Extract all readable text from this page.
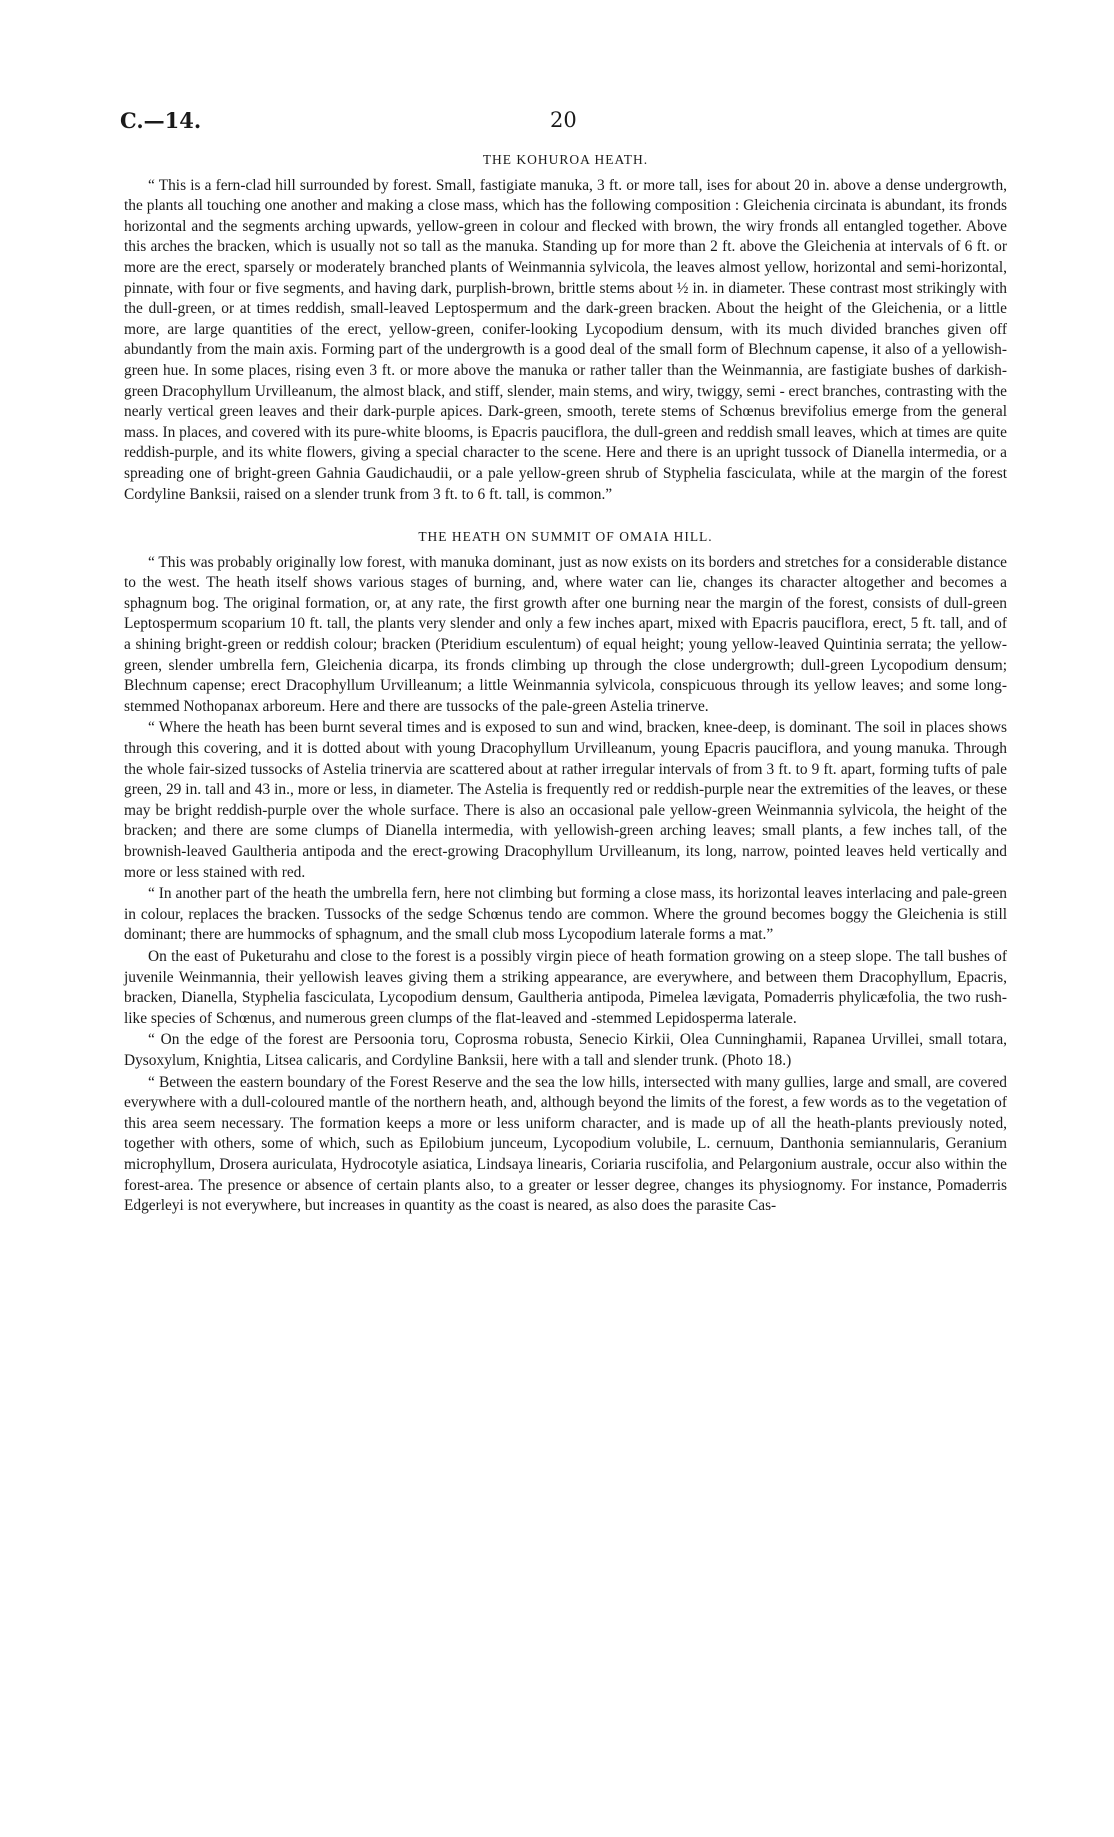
C.—14.	20
THE KOHUROA HEATH.

“ This is a fern-clad hill surrounded by forest. Small, fastigiate manuka, 3 ft. or more tall, ises for about 20 in. above a dense undergrowth, the plants all touching one another and making a close mass, which has the following composition : Gleichenia circinata is abundant, its fronds horizontal and the segments arching upwards, yellow-green in colour and flecked with brown, the wiry fronds all entangled together. Above this arches the bracken, which is usually not so tall as the manuka. Standing up for more than 2 ft. above the Gleichenia at intervals of 6 ft. or more are the erect, sparsely or moderately branched plants of Weinmannia sylvicola, the leaves almost yellow, horizontal and semi-horizontal, pinnate, with four or five segments, and having dark, purplish-brown, brittle stems about ½ in. in diameter. These contrast most strikingly with the dull-green, or at times reddish, small-leaved Leptospermum and the dark-green bracken. About the height of the Gleichenia, or a little more, are large quantities of the erect, yellow-green, conifer-looking Lycopodium densum, with its much divided branches given off abundantly from the main axis. Forming part of the undergrowth is a good deal of the small form of Blechnum capense, it also of a yellowish-green hue. In some places, rising even 3 ft. or more above the manuka or rather taller than the Weinmannia, are fastigiate bushes of darkish-green Dracophyllum Urvilleanum, the almost black, and stiff, slender, main stems, and wiry, twiggy, semi - erect branches, contrasting with the nearly vertical green leaves and their dark-purple apices. Dark-green, smooth, terete stems of Schœnus brevifolius emerge from the general mass. In places, and covered with its pure-white blooms, is Epacris pauciflora, the dull-green and reddish small leaves, which at times are quite reddish-purple, and its white flowers, giving a special character to the scene. Here and there is an upright tussock of Dianella intermedia, or a spreading one of bright-green Gahnia Gaudichaudii, or a pale yellow-green shrub of Styphelia fasciculata, while at the margin of the forest Cordyline Banksii, raised on a slender trunk from 3 ft. to 6 ft. tall, is common.”

THE HEATH ON SUMMIT OF OMAIA HILL.

“ This was probably originally low forest, with manuka dominant, just as now exists on its borders and stretches for a considerable distance to the west. The heath itself shows various stages of burning, and, where water can lie, changes its character altogether and becomes a sphagnum bog. The original formation, or, at any rate, the first growth after one burning near the margin of the forest, consists of dull-green Leptospermum scoparium 10 ft. tall, the plants very slender and only a few inches apart, mixed with Epacris pauciflora, erect, 5 ft. tall, and of a shining bright-green or reddish colour; bracken (Pteridium esculentum) of equal height; young yellow-leaved Quintinia serrata; the yellow-green, slender umbrella fern, Gleichenia dicarpa, its fronds climbing up through the close undergrowth; dull-green Lycopodium densum; Blechnum capense; erect Dracophyllum Urvilleanum; a little Weinmannia sylvicola, conspicuous through its yellow leaves; and some long-stemmed Nothopanax arboreum. Here and there are tussocks of the pale-green Astelia trinerve.

“ Where the heath has been burnt several times and is exposed to sun and wind, bracken, knee-deep, is dominant. The soil in places shows through this covering, and it is dotted about with young Dracophyllum Urvilleanum, young Epacris pauciflora, and young manuka. Through the whole fair-sized tussocks of Astelia trinervia are scattered about at rather irregular intervals of from 3 ft. to 9 ft. apart, forming tufts of pale green, 29 in. tall and 43 in., more or less, in diameter. The Astelia is frequently red or reddish-purple near the extremities of the leaves, or these may be bright reddish-purple over the whole surface. There is also an occasional pale yellow-green Weinmannia sylvicola, the height of the bracken; and there are some clumps of Dianella intermedia, with yellowish-green arching leaves; small plants, a few inches tall, of the brownish-leaved Gaultheria antipoda and the erect-growing Dracophyllum Urvilleanum, its long, narrow, pointed leaves held vertically and more or less stained with red.

“ In another part of the heath the umbrella fern, here not climbing but forming a close mass, its horizontal leaves interlacing and pale-green in colour, replaces the bracken. Tussocks of the sedge Schœnus tendo are common. Where the ground becomes boggy the Gleichenia is still dominant; there are hummocks of sphagnum, and the small club moss Lycopodium laterale forms a mat.”

On the east of Puketurahu and close to the forest is a possibly virgin piece of heath formation growing on a steep slope. The tall bushes of juvenile Weinmannia, their yellowish leaves giving them a striking appearance, are everywhere, and between them Dracophyllum, Epacris, bracken, Dianella, Styphelia fasciculata, Lycopodium densum, Gaultheria antipoda, Pimelea lævigata, Pomaderris phylicæfolia, the two rush-like species of Schœnus, and numerous green clumps of the flat-leaved and -stemmed Lepidosperma laterale.

“ On the edge of the forest are Persoonia toru, Coprosma robusta, Senecio Kirkii, Olea Cunninghamii, Rapanea Urvillei, small totara, Dysoxylum, Knightia, Litsea calicaris, and Cordyline Banksii, here with a tall and slender trunk. (Photo 18.)

“ Between the eastern boundary of the Forest Reserve and the sea the low hills, intersected with many gullies, large and small, are covered everywhere with a dull-coloured mantle of the northern heath, and, although beyond the limits of the forest, a few words as to the vegetation of this area seem necessary. The formation keeps a more or less uniform character, and is made up of all the heath-plants previously noted, together with others, some of which, such as Epilobium junceum, Lycopodium volubile, L. cernuum, Danthonia semiannularis, Geranium microphyllum, Drosera auriculata, Hydrocotyle asiatica, Lindsaya linearis, Coriaria ruscifolia, and Pelargonium australe, occur also within the forest-area. The presence or absence of certain plants also, to a greater or lesser degree, changes its physiognomy. For instance, Pomaderris Edgerleyi is not everywhere, but increases in quantity as the coast is neared, as also does the parasite Cas-
